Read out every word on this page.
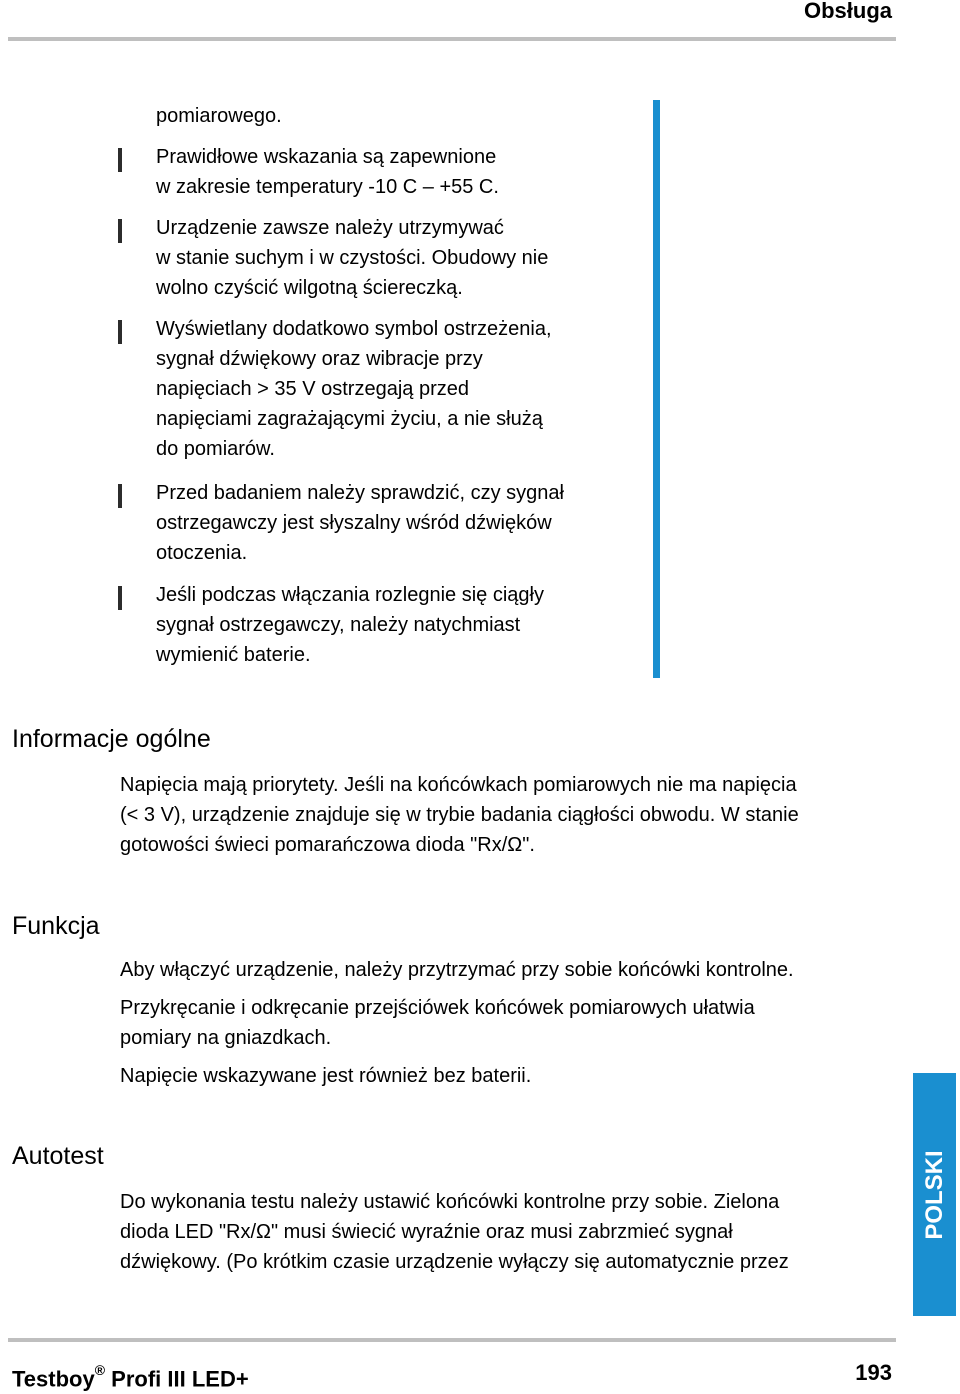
Obsługa
pomiarowego.
Prawidłowe wskazania są zapewnione
w zakresie temperatury -10 C – +55 C.
Urządzenie zawsze należy utrzymywać
w stanie suchym i w czystości. Obudowy nie
wolno czyścić wilgotną ściereczką.
Wyświetlany dodatkowo symbol ostrzeżenia,
sygnał dźwiękowy oraz wibracje przy
napięciach > 35 V ostrzegają przed
napięciami zagrażającymi życiu, a nie służą
do pomiarów.
Przed badaniem należy sprawdzić, czy sygnał
ostrzegawczy jest słyszalny wśród dźwięków
otoczenia.
Jeśli podczas włączania rozlegnie się ciągły
sygnał ostrzegawczy, należy natychmiast
wymienić baterie.
Informacje ogólne
Napięcia mają priorytety. Jeśli na końcówkach pomiarowych nie ma napięcia
(< 3 V), urządzenie znajduje się w trybie badania ciągłości obwodu. W stanie
gotowości świeci pomarańczowa dioda "Rx/Ω".
Funkcja
Aby włączyć urządzenie, należy przytrzymać przy sobie końcówki kontrolne.
Przykręcanie i odkręcanie przejściówek końcówek pomiarowych ułatwia
pomiary na gniazdkach.
Napięcie wskazywane jest również bez baterii.
Autotest
Do wykonania testu należy ustawić końcówki kontrolne przy sobie. Zielona
dioda LED "Rx/Ω" musi świecić wyraźnie oraz musi zabrzmieć sygnał
dźwiękowy. (Po krótkim czasie urządzenie wyłączy się automatycznie przez
POLSKI
Testboy® Profi III LED+	193
